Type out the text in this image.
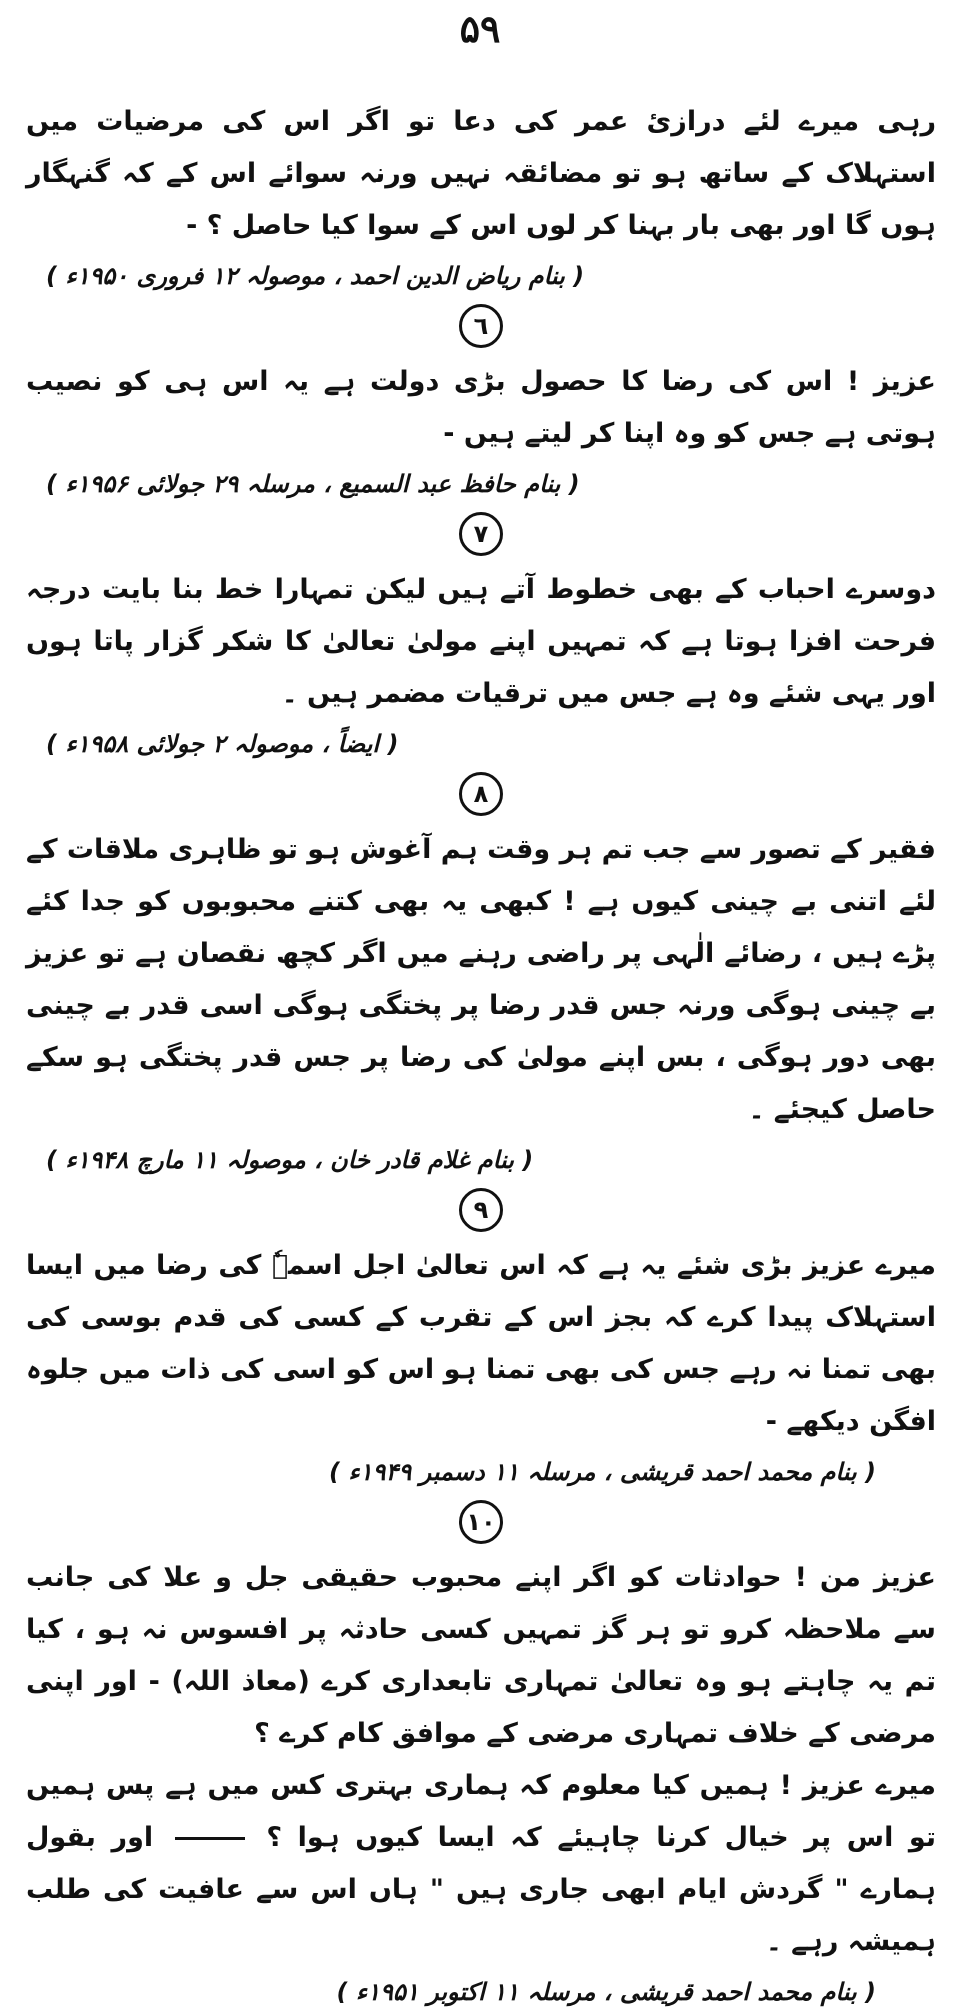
۵۹

رہی میرے لئے درازئ عمر کی دعا تو اگر اس کی مرضیات میں استہلاک کے ساتھ ہو تو مضائقہ نہیں ورنہ سوائے اس کے کہ گنہگار ہوں گا اور بھی بار بہنا کر لوں اس کے سوا کیا حاصل ؟ -

( بنام ریاض الدین احمد ، موصولہ ۱۲ فروری ۱۹۵۰ء )

٦

عزیز ! اس کی رضا کا حصول بڑی دولت ہے یہ اس ہی کو نصیب ہوتی ہے جس کو وہ اپنا کر لیتے ہیں -

( بنام حافظ عبد السمیع ، مرسلہ ۲۹ جولائی ۱۹۵۶ء )

٧

دوسرے احباب کے بھی خطوط آتے ہیں لیکن تمہارا خط بنا بایت درجہ فرحت افزا ہوتا ہے کہ تمہیں اپنے مولیٰ تعالیٰ کا شکر گزار پاتا ہوں اور یہی شئے وہ ہے جس میں ترقیات مضمر ہیں ۔

( ایضاً ، موصولہ ۲ جولائی ۱۹۵۸ء )

٨

فقیر کے تصور سے جب تم ہر وقت ہم آغوش ہو تو ظاہری ملاقات کے لئے اتنی بے چینی کیوں ہے ! کبھی یہ بھی کتنے محبوبوں کو جدا کئے پڑے ہیں ، رضائے الٰہی پر راضی رہنے میں اگر کچھ نقصان ہے تو عزیز بے چینی ہوگی ورنہ جس قدر رضا پر پختگی ہوگی اسی قدر بے چینی بھی دور ہوگی ، بس اپنے مولیٰ کی رضا پر جس قدر پختگی ہو سکے حاصل کیجئے ۔

( بنام غلام قادر خان ، موصولہ ۱۱ مارچ ۱۹۴۸ء )

٩

میرے عزیز بڑی شئے یہ ہے کہ اس تعالیٰ اجل اسمہٗ کی رضا میں ایسا استہلاک پیدا کرے کہ بجز اس کے تقرب کے کسی کی قدم بوسی کی بھی تمنا نہ رہے جس کی بھی تمنا ہو اس کو اسی کی ذات میں جلوہ افگن دیکھے -

( بنام محمد احمد قریشی ، مرسلہ ۱۱ دسمبر ۱۹۴۹ء )

١٠

عزیز من ! حوادثات کو اگر اپنے محبوب حقیقی جل و علا کی جانب سے ملاحظہ کرو تو ہر گز تمہیں کسی حادثہ پر افسوس نہ ہو ، کیا تم یہ چاہتے ہو وہ تعالیٰ تمہاری تابعداری کرے (معاذ اللہ) - اور اپنی مرضی کے خلاف تمہاری مرضی کے موافق کام کرے ؟

میرے عزیز ! ہمیں کیا معلوم کہ ہماری بہتری کس میں ہے پس ہمیں تو اس پر خیال کرنا چاہیئے کہ ایسا کیوں ہوا ؟  اور بقول ہمارے " گردش ایام ابھی جاری ہیں " ہاں اس سے عافیت کی طلب ہمیشہ رہے ۔

( بنام محمد احمد قریشی ، مرسلہ ۱۱ اکتوبر ۱۹۵۱ء )
